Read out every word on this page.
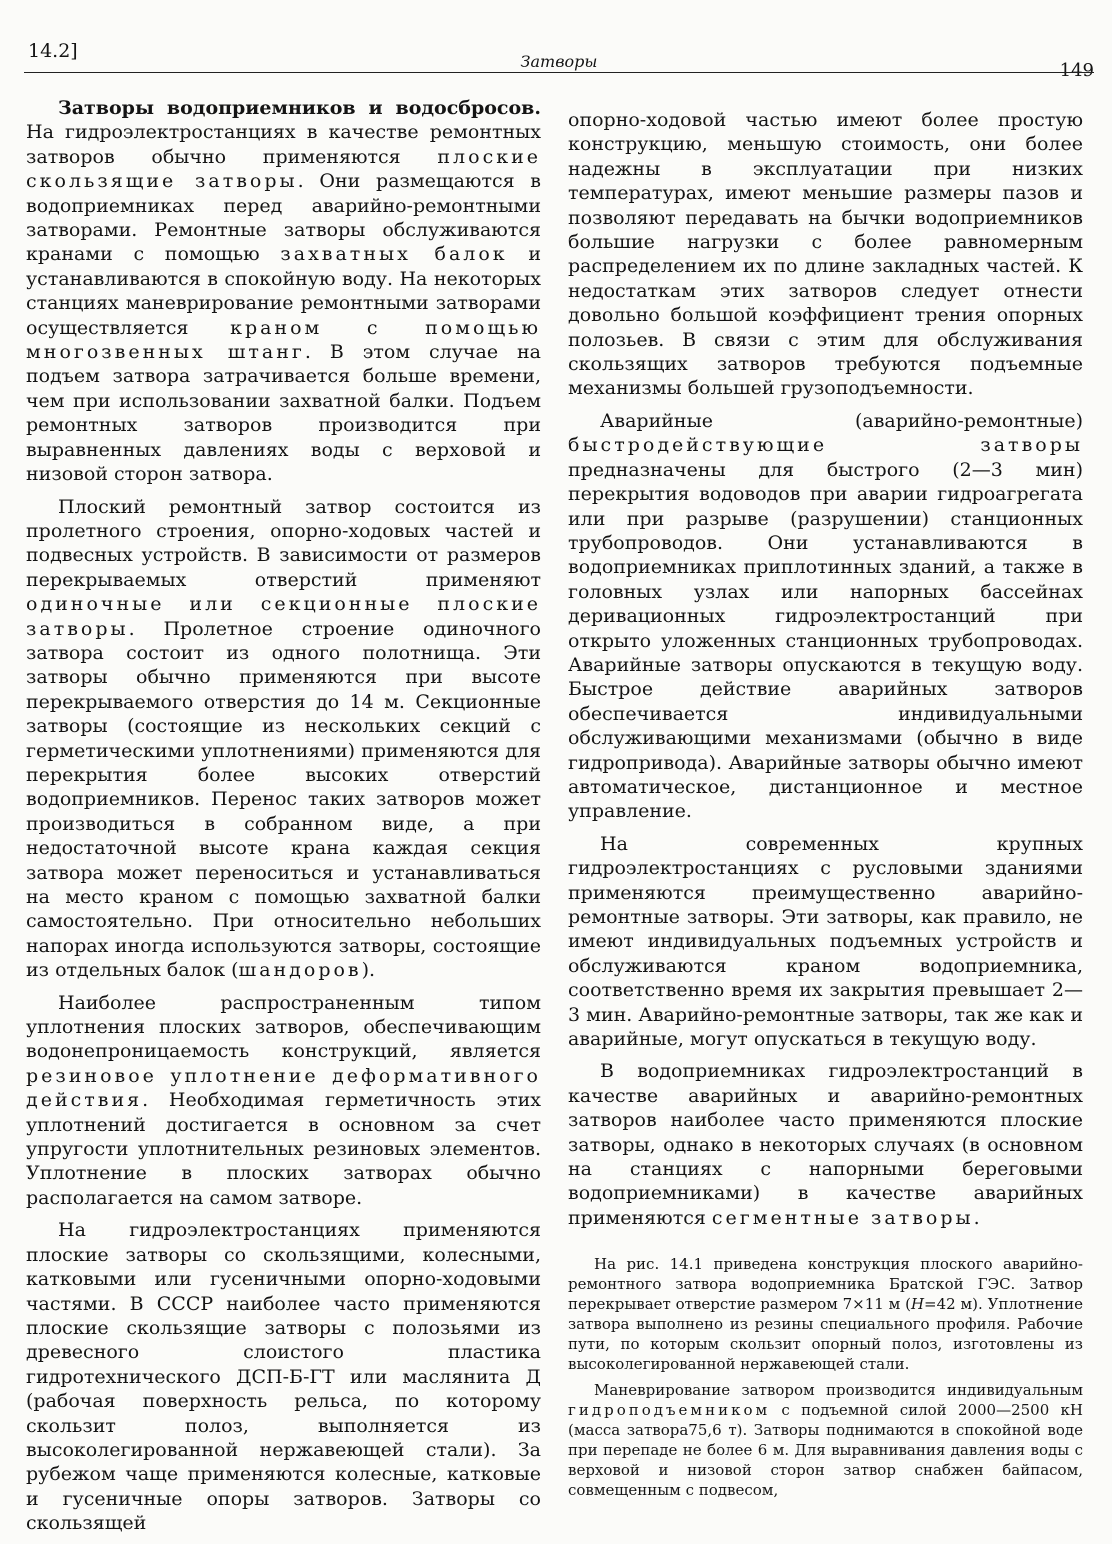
14.2]	Затворы	149

Затворы водоприемников и водосбросов. На гидроэлектростанциях в качестве ремонтных затворов обычно применяются плоские скользящие затворы. Они размещаются в водоприемниках перед аварийно-ремонтными затворами. Ремонтные затворы обслуживаются кранами с помощью захватных балок и устанавливаются в спокойную воду. На некоторых станциях маневрирование ремонтными затворами осуществляется краном с помощью многозвенных штанг. В этом случае на подъем затвора затрачивается больше времени, чем при использовании захватной балки. Подъем ремонтных затворов производится при выравненных давлениях воды с верховой и низовой сторон затвора.

Плоский ремонтный затвор состоится из пролетного строения, опорно-ходовых частей и подвесных устройств. В зависимости от размеров перекрываемых отверстий применяют одиночные или секционные плоские затворы. Пролетное строение одиночного затвора состоит из одного полотнища. Эти затворы обычно применяются при высоте перекрываемого отверстия до 14 м. Секционные затворы (состоящие из нескольких секций с герметическими уплотнениями) применяются для перекрытия более высоких отверстий водоприемников. Перенос таких затворов может производиться в собранном виде, а при недостаточной высоте крана каждая секция затвора может переноситься и устанавливаться на место краном с помощью захватной балки самостоятельно. При относительно небольших напорах иногда используются затворы, состоящие из отдельных балок (шандоров).

Наиболее распространенным типом уплотнения плоских затворов, обеспечивающим водонепроницаемость конструкций, является резиновое уплотнение деформативного действия. Необходимая герметичность этих уплотнений достигается в основном за счет упругости уплотнительных резиновых элементов. Уплотнение в плоских затворах обычно располагается на самом затворе.

На гидроэлектростанциях применяются плоские затворы со скользящими, колесными, катковыми или гусеничными опорно-ходовыми частями. В СССР наиболее часто применяются плоские скользящие затворы с полозьями из древесного слоистого пластика гидротехнического ДСП-Б-ГТ или маслянита Д (рабочая поверхность рельса, по которому скользит полоз, выполняется из высоколегированной нержавеющей стали). За рубежом чаще применяются колесные, катковые и гусеничные опоры затворов. Затворы со скользящей

опорно-ходовой частью имеют более простую конструкцию, меньшую стоимость, они более надежны в эксплуатации при низких температурах, имеют меньшие размеры пазов и позволяют передавать на бычки водоприемников большие нагрузки с более равномерным распределением их по длине закладных частей. К недостаткам этих затворов следует отнести довольно большой коэффициент трения опорных полозьев. В связи с этим для обслуживания скользящих затворов требуются подъемные механизмы большей грузоподъемности.

Аварийные (аварийно-ремонтные) быстродействующие затворы предназначены для быстрого (2—3 мин) перекрытия водоводов при аварии гидроагрегата или при разрыве (разрушении) станционных трубопроводов. Они устанавливаются в водоприемниках приплотинных зданий, а также в головных узлах или напорных бассейнах деривационных гидроэлектростанций при открыто уложенных станционных трубопроводах. Аварийные затворы опускаются в текущую воду. Быстрое действие аварийных затворов обеспечивается индивидуальными обслуживающими механизмами (обычно в виде гидропривода). Аварийные затворы обычно имеют автоматическое, дистанционное и местное управление.

На современных крупных гидроэлектростанциях с русловыми зданиями применяются преимущественно аварийно-ремонтные затворы. Эти затворы, как правило, не имеют индивидуальных подъемных устройств и обслуживаются краном водоприемника, соответственно время их закрытия превышает 2—3 мин. Аварийно-ремонтные затворы, так же как и аварийные, могут опускаться в текущую воду.

В водоприемниках гидроэлектростанций в качестве аварийных и аварийно-ремонтных затворов наиболее часто применяются плоские затворы, однако в некоторых случаях (в основном на станциях с напорными береговыми водоприемниками) в качестве аварийных применяются сегментные затворы.

На рис. 14.1 приведена конструкция плоского аварийно-ремонтного затвора водоприемника Братской ГЭС. Затвор перекрывает отверстие размером 7×11 м (H=42 м). Уплотнение затвора выполнено из резины специального профиля. Рабочие пути, по которым скользит опорный полоз, изготовлены из высоколегированной нержавеющей стали.

Маневрирование затвором производится индивидуальным гидроподъемником с подъемной силой 2000—2500 кН (масса затвора75,6 т). Затворы поднимаются в спокойной воде при перепаде не более 6 м. Для выравнивания давления воды с верховой и низовой сторон затвор снабжен байпасом, совмещенным с подвесом,
